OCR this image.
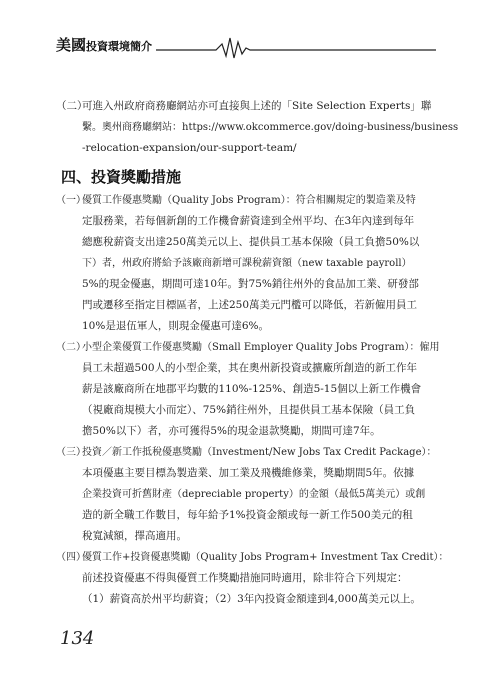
美國投資環境簡介
（二）可進入州政府商務廳網站亦可直接與上述的「Site Selection Experts」聯
繫。奧州商務廳網站：https://www.okcommerce.gov/doing-business/business
-relocation-expansion/our-support-team/
四、投資獎勵措施
（一）優質工作優惠獎勵（Quality Jobs Program）：符合相關規定的製造業及特
定服務業，若每個新創的工作機會薪資達到全州平均、在3年內達到每年
總應稅薪資支出達250萬美元以上、提供員工基本保險（員工負擔50%以
下）者，州政府將給予該廠商新增可課稅薪資額（new taxable payroll）
5%的現金優惠，期間可達10年。對75%銷往州外的食品加工業、研發部
門或遷移至指定目標區者，上述250萬美元門檻可以降低，若新僱用員工
10%是退伍軍人，則現金優惠可達6%。
（二）小型企業優質工作優惠獎勵（Small Employer Quality Jobs Program）：僱用
員工未超過500人的小型企業，其在奧州新投資或擴廠所創造的新工作年
薪是該廠商所在地郡平均數的110%-125%、創造5-15個以上新工作機會
（視廠商規模大小而定）、75%銷往州外，且提供員工基本保險（員工負
擔50%以下）者，亦可獲得5%的現金退款獎勵，期間可達7年。
（三）投資／新工作抵稅優惠獎勵（Investment/New Jobs Tax Credit Package）：
本項優惠主要目標為製造業、加工業及飛機維修業，獎勵期間5年。依據
企業投資可折舊財產（depreciable property）的金額（最低5萬美元）或創
造的新全職工作數目，每年給予1%投資金額或每一新工作500美元的租
稅寬減額，擇高適用。
（四）優質工作+投資優惠獎勵（Quality Jobs Program+ Investment Tax Credit）：
前述投資優惠不得與優質工作獎勵措施同時適用，除非符合下列規定：
（1）薪資高於州平均薪資；（2）3年內投資金額達到4,000萬美元以上。
134
